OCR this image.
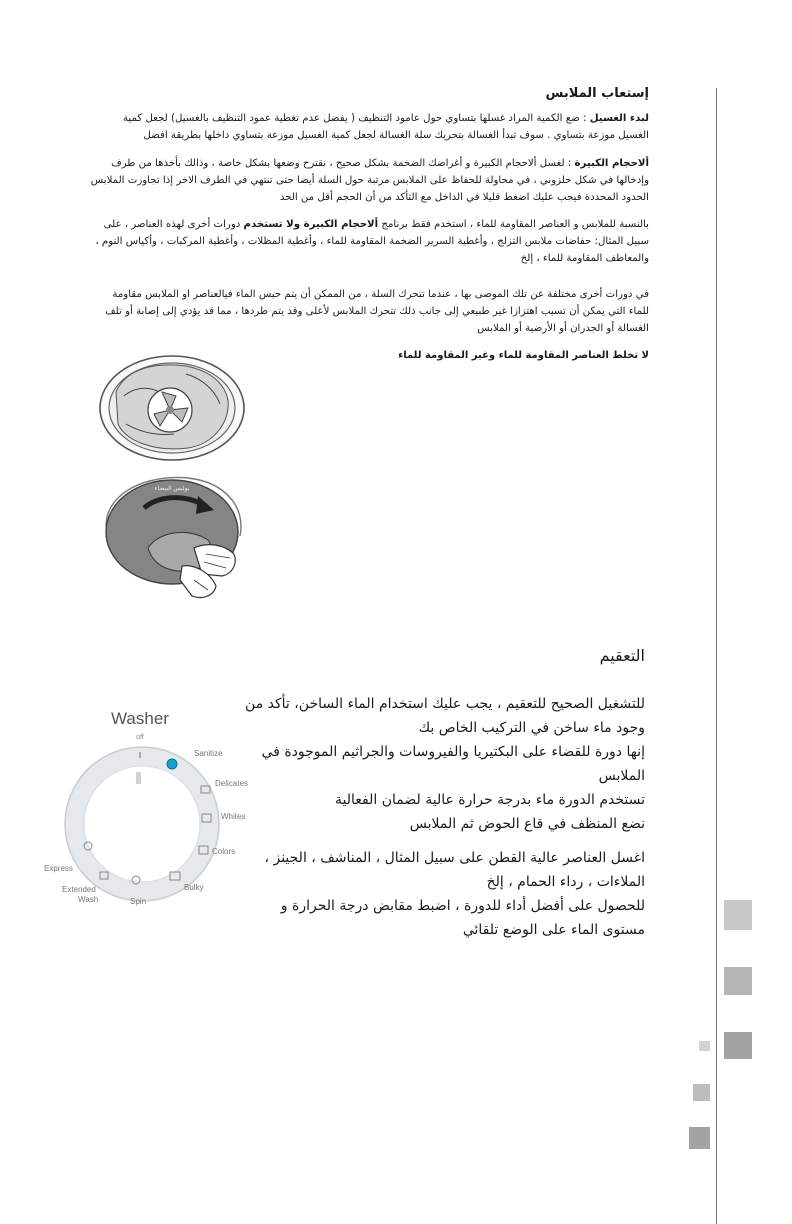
إستعاب الملابس
لبدء الغسيل : ضع الكمية المراد غسلها بتساوي حول عامود التنظيف ( يفضل عدم تغطية عمود التنظيف بالغسيل) لجعل كمية الغسيل موزعة بتساوي . سوف تبدأ الغسالة بتحريك سلة الغسالة لجعل كمية الغسيل موزعة بتساوي داخلها بطريقة افضل
ألاحجام الكبيرة : لغسل ألاحجام الكبيرة و أغراضك الضخمة بشكل صحيح ، نقترح وضعها بشكل خاصة ، وذالك بأخذها من طرف وإدخالها في شكل حلزوني ، في محاولة للحفاظ على الملابس مرتبة حول السلة أيضا حتى تنتهي في الطرف الاخر إذا تجاوزت الملابس الحدود المحددة فيجب عليك اضغط قليلا في الداخل مع التأكد من أن الحجم أقل من الحد
بالنسبة للملابس و العناصر المقاومة للماء ، استخدم فقط برنامج ألاحجام الكبيرة ولا تستخدم دورات أخرى لهذه العناصر ، على سبيل المثال: حفاضات ملابس التزلج ، وأغطية السرير الضخمة المقاومة للماء ، وأغطية المظلات ، وأغطية المركبات ، وأكياس النوم ، والمعاطف المقاومة للماء ، إلخ
في دورات أخرى مختلفة عن تلك الموصى بها ، عندما تتحرك السلة ، من الممكن أن يتم حبس الماء فيالعناصر او الملابس مقاومة للماء التي يمكن أن تسبب اهتزازا غير طبيعي إلى جانب ذلك تتحرك الملابس لأعلى وقد يتم طردها ، مما قد يؤدي إلى إصابة أو تلف الغسالة أو الجدران أو الأرضية أو الملابس
لا تخلط العناصر المقاومة للماء وغير المقاومة للماء
ﺑﻮﻟﻴﺲ ﺍﻟﺒﻴﻀﺎﺀ
التعقيم

للتشغيل الصحيح للتعقيم ، يجب عليك استخدام الماء الساخن، تأكد من وجود ماء ساخن في التركيب الخاص بك

إنها دورة للقضاء على البكتيريا والفيروسات والجراثيم الموجودة في الملابس

تستخدم الدورة ماء بدرجة حرارة عالية لضمان الفعالية

نضع المنظف في قاع الحوض ثم الملابس

اغسل العناصر عالية القطن على سبيل المثال ، المناشف ، الجينز ، الملاءات ، رداء الحمام ، إلخ

للحصول على أفضل أداء للدورة ، اضبط مقابض درجة الحرارة و مستوى الماء على الوضع تلقائي

Washer
off
Sanitize
Delicates
Whites
Colors
Bulky
Spin
Extended
Wash
Express
